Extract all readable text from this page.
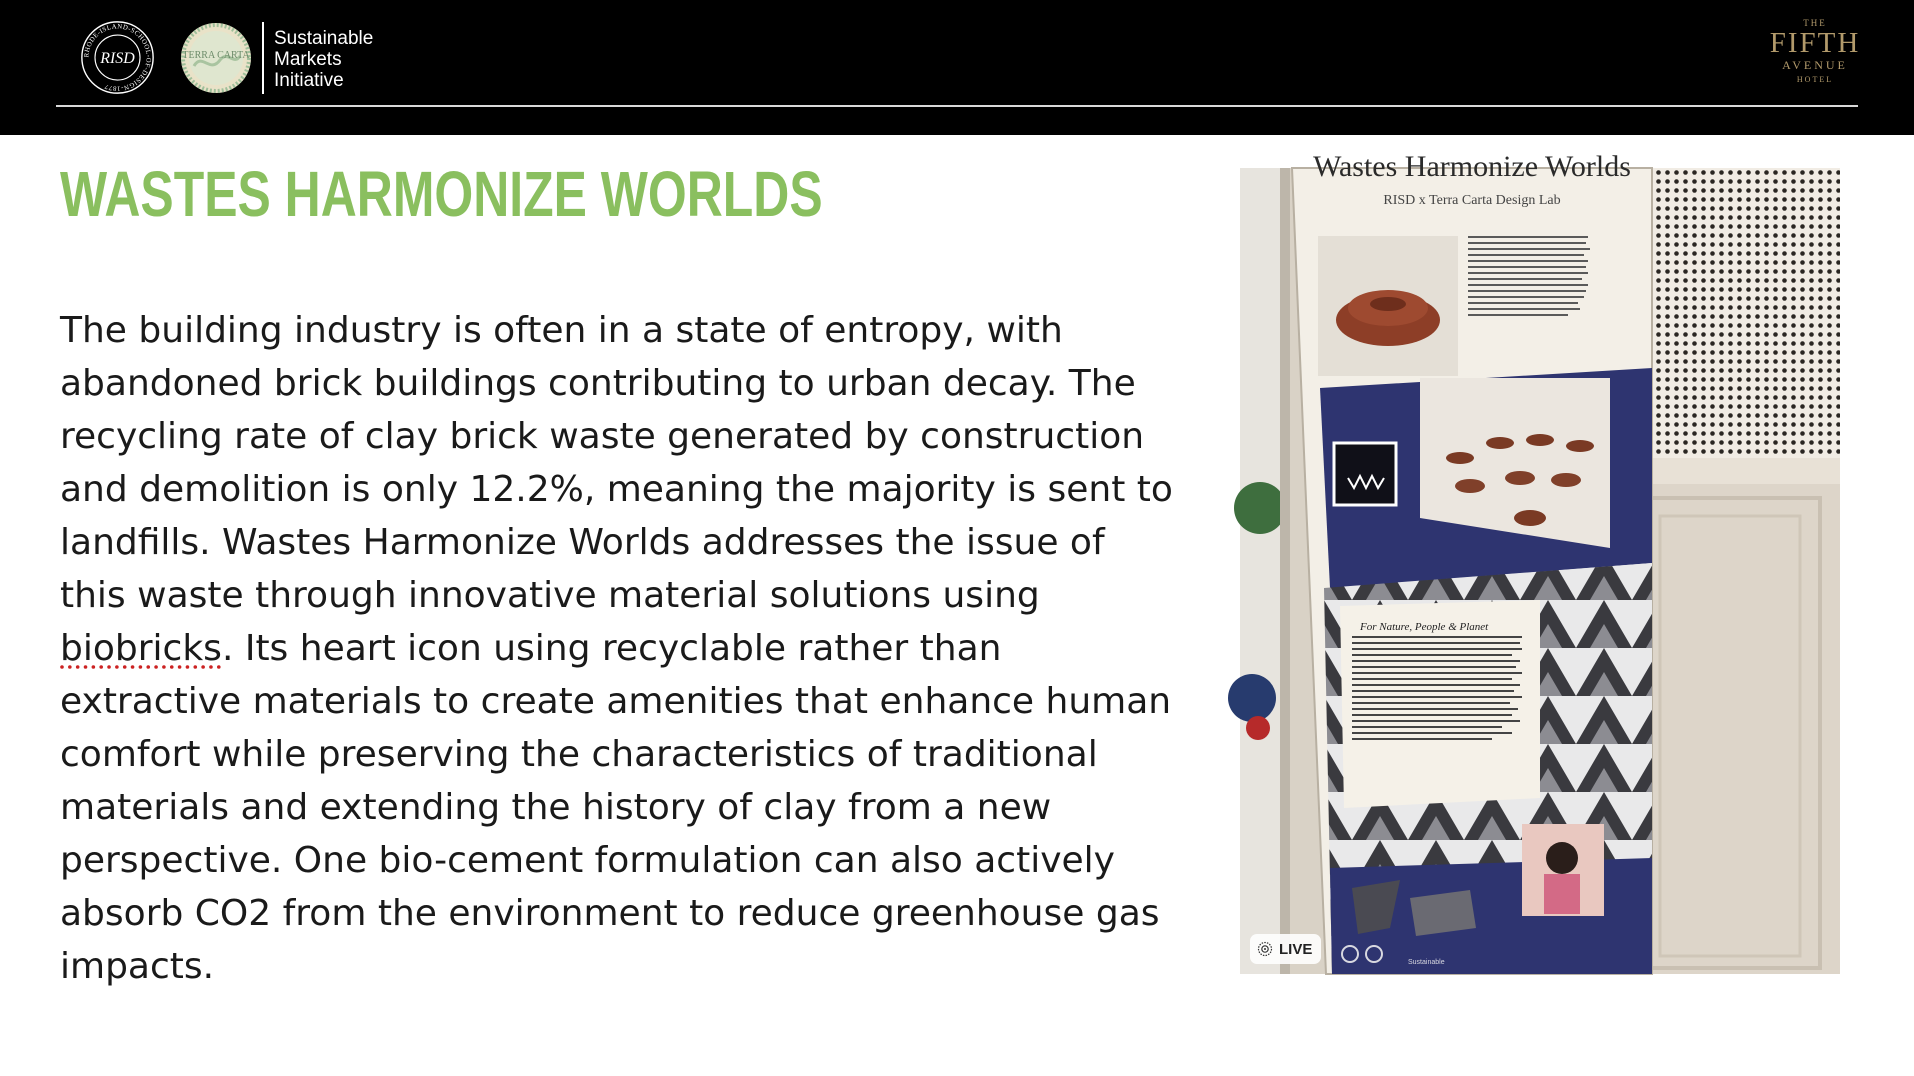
RHODE-ISLAND-SCHOOL-OF-DESIGN-1877
RISD	TERRA CARTA
Sustainable
Markets
Initiative
THE
FIFTH
AVENUE
HOTEL
WASTES HARMONIZE WORLDS

The building industry is often in a state of entropy, with abandoned brick buildings contributing to urban decay. The recycling rate of clay brick waste generated by construction and demolition is only 12.2%, meaning the majority is sent to landfills. Wastes Harmonize Worlds addresses the issue of this waste through innovative material solutions using biobricks. Its heart icon using recyclable rather than extractive materials to create amenities that enhance human comfort while preserving the characteristics of traditional materials and extending the history of clay from a new perspective. One bio-cement formulation can also actively absorb CO2 from the environment to reduce greenhouse gas impacts.

Wastes Harmonize Worlds
RISD x Terra Carta Design Lab
For Nature, People & Planet
Sustainable
LIVE
